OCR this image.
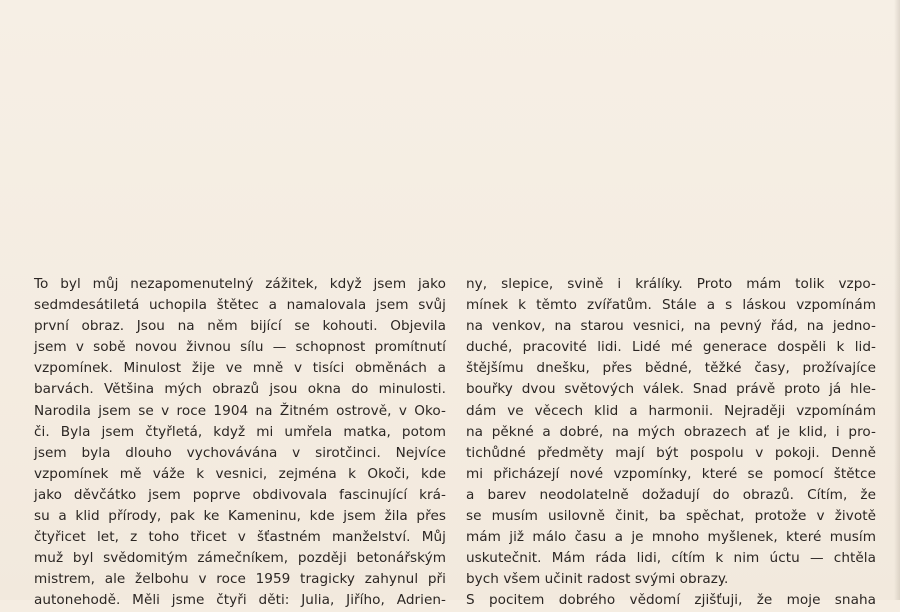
To byl můj nezapomenutelný zážitek, když jsem jako
sedmdesátiletá uchopila štětec a namalovala jsem svůj
první obraz. Jsou na něm bijící se kohouti. Objevila
jsem v sobě novou živnou sílu — schopnost promítnutí
vzpomínek. Minulost žije ve mně v tisíci obměnách a
barvách. Většina mých obrazů jsou okna do minulosti.
Narodila jsem se v roce 1904 na Žitném ostrově, v Oko-
či. Byla jsem čtyřletá, když mi umřela matka, potom
jsem byla dlouho vychovávána v sirotčinci. Nejvíce
vzpomínek mě váže k vesnici, zejména k Okoči, kde
jako děvčátko jsem poprve obdivovala fascinující krá-
su a klid přírody, pak ke Kameninu, kde jsem žila přes
čtyřicet let, z toho třicet v šťastném manželství. Můj
muž byl svědomitým zámečníkem, později betonářským
mistrem, ale želbohu v roce 1959 tragicky zahynul při
autonehodě. Měli jsme čtyři děti: Julia, Jiřího, Adrien-
ny, slepice, svině i králíky. Proto mám tolik vzpo-
mínek k těmto zvířatům. Stále a s láskou vzpomínám
na venkov, na starou vesnici, na pevný řád, na jedno-
duché, pracovité lidi. Lidé mé generace dospěli k lid-
štějšímu dnešku, přes bědné, těžké časy, prožívajíce
bouřky dvou světových válek. Snad právě proto já hle-
dám ve věcech klid a harmonii. Nejraději vzpomínám
na pěkné a dobré, na mých obrazech ať je klid, i pro-
tichůdné předměty mají být pospolu v pokoji. Denně
mi přicházejí nové vzpomínky, které se pomocí štětce
a barev neodolatelně dožadují do obrazů. Cítím, že
se musím usilovně činit, ba spěchat, protože v životě
mám již málo času a je mnoho myšlenek, které musím
uskutečnit. Mám ráda lidi, cítím k nim úctu — chtěla
bych všem učinit radost svými obrazy.
S pocitem dobrého vědomí zjišťuji, že moje snaha
